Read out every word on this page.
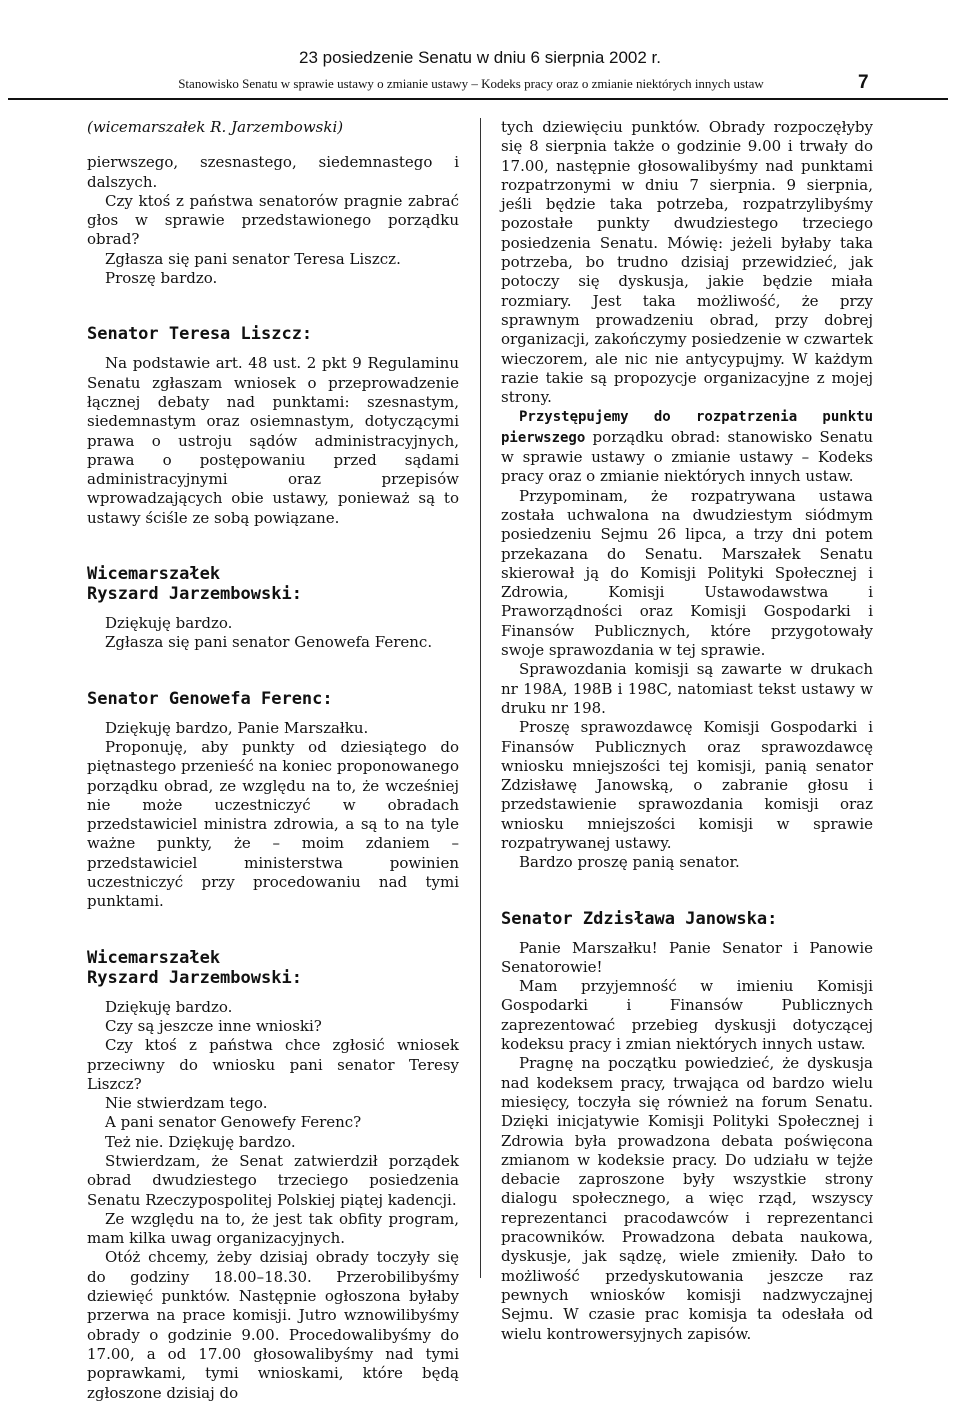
23 posiedzenie Senatu w dniu 6 sierpnia 2002 r.
Stanowisko Senatu w sprawie ustawy o zmianie ustawy – Kodeks pracy oraz o zmianie niektórych innych ustaw	7
(wicemarszałek R. Jarzembowski)

pierwszego, szesnastego, siedemnastego i dalszych.

Czy ktoś z państwa senatorów pragnie zabrać głos w sprawie przedstawionego porządku obrad?

Zgłasza się pani senator Teresa Liszcz.

Proszę bardzo.

Senator Teresa Liszcz:

Na podstawie art. 48 ust. 2 pkt 9 Regulaminu Senatu zgłaszam wniosek o przeprowadzenie łącznej debaty nad punktami: szesnastym, siedemnastym oraz osiemnastym, dotyczącymi prawa o ustroju sądów administracyjnych, prawa o postępowaniu przed sądami administracyjnymi oraz przepisów wprowadzających obie ustawy, ponieważ są to ustawy ściśle ze sobą powiązane.

Wicemarszałek
Ryszard Jarzembowski:

Dziękuję bardzo.

Zgłasza się pani senator Genowefa Ferenc.

Senator Genowefa Ferenc:

Dziękuję bardzo, Panie Marszałku.

Proponuję, aby punkty od dziesiątego do piętnastego przenieść na koniec proponowanego porządku obrad, ze względu na to, że wcześniej nie może uczestniczyć w obradach przedstawiciel ministra zdrowia, a są to na tyle ważne punkty, że – moim zdaniem – przedstawiciel ministerstwa powinien uczestniczyć przy procedowaniu nad tymi punktami.

Wicemarszałek
Ryszard Jarzembowski:

Dziękuję bardzo.

Czy są jeszcze inne wnioski?

Czy ktoś z państwa chce zgłosić wniosek przeciwny do wniosku pani senator Teresy Liszcz?

Nie stwierdzam tego.

A pani senator Genowefy Ferenc?

Też nie. Dziękuję bardzo.

Stwierdzam, że Senat zatwierdził porządek obrad dwudziestego trzeciego posiedzenia Senatu Rzeczypospolitej Polskiej piątej kadencji.

Ze względu na to, że jest tak obfity program, mam kilka uwag organizacyjnych.

Otóż chcemy, żeby dzisiaj obrady toczyły się do godziny 18.00–18.30. Przerobilibyśmy dziewięć punktów. Następnie ogłoszona byłaby przerwa na prace komisji. Jutro wznowilibyśmy obrady o godzinie 9.00. Procedowalibyśmy do 17.00, a od 17.00 głosowalibyśmy nad tymi poprawkami, tymi wnioskami, które będą zgłoszone dzisiaj do

tych dziewięciu punktów. Obrady rozpoczęłyby się 8 sierpnia także o godzinie 9.00 i trwały do 17.00, następnie głosowalibyśmy nad punktami rozpatrzonymi w dniu 7 sierpnia. 9 sierpnia, jeśli będzie taka potrzeba, rozpatrzylibyśmy pozostałe punkty dwudziestego trzeciego posiedzenia Senatu. Mówię: jeżeli byłaby taka potrzeba, bo trudno dzisiaj przewidzieć, jak potoczy się dyskusja, jakie będzie miała rozmiary. Jest taka możliwość, że przy sprawnym prowadzeniu obrad, przy dobrej organizacji, zakończymy posiedzenie w czwartek wieczorem, ale nic nie antycypujmy. W każdym razie takie są propozycje organizacyjne z mojej strony.

Przystępujemy do rozpatrzenia punktu pierwszego porządku obrad: stanowisko Senatu w sprawie ustawy o zmianie ustawy – Kodeks pracy oraz o zmianie niektórych innych ustaw.

Przypominam, że rozpatrywana ustawa została uchwalona na dwudziestym siódmym posiedzeniu Sejmu 26 lipca, a trzy dni potem przekazana do Senatu. Marszałek Senatu skierował ją do Komisji Polityki Społecznej i Zdrowia, Komisji Ustawodawstwa i Praworządności oraz Komisji Gospodarki i Finansów Publicznych, które przygotowały swoje sprawozdania w tej sprawie.

Sprawozdania komisji są zawarte w drukach nr 198A, 198B i 198C, natomiast tekst ustawy w druku nr 198.

Proszę sprawozdawcę Komisji Gospodarki i Finansów Publicznych oraz sprawozdawcę wniosku mniejszości tej komisji, panią senator Zdzisławę Janowską, o zabranie głosu i przedstawienie sprawozdania komisji oraz wniosku mniejszości komisji w sprawie rozpatrywanej ustawy.

Bardzo proszę panią senator.

Senator Zdzisława Janowska:

Panie Marszałku! Panie Senator i Panowie Senatorowie!

Mam przyjemność w imieniu Komisji Gospodarki i Finansów Publicznych zaprezentować przebieg dyskusji dotyczącej kodeksu pracy i zmian niektórych innych ustaw.

Pragnę na początku powiedzieć, że dyskusja nad kodeksem pracy, trwająca od bardzo wielu miesięcy, toczyła się również na forum Senatu. Dzięki inicjatywie Komisji Polityki Społecznej i Zdrowia była prowadzona debata poświęcona zmianom w kodeksie pracy. Do udziału w tejże debacie zaproszone były wszystkie strony dialogu społecznego, a więc rząd, wszyscy reprezentanci pracodawców i reprezentanci pracowników. Prowadzona debata naukowa, dyskusje, jak sądzę, wiele zmieniły. Dało to możliwość przedyskutowania jeszcze raz pewnych wniosków komisji nadzwyczajnej Sejmu. W czasie prac komisja ta odesłała od wielu kontrowersyjnych zapisów.
